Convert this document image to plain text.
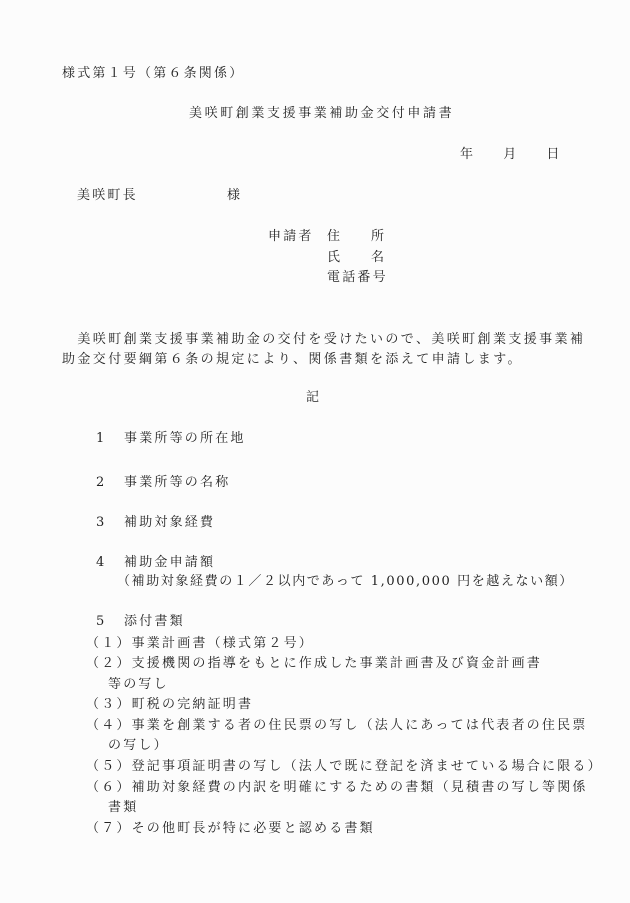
様式第１号（第６条関係）
美咲町創業支援事業補助金交付申請書
年 月 日
美咲町長	様
申請者 住 所
氏 名
電話番号

　美咲町創業支援事業補助金の交付を受けたいので、美咲町創業支援事業補

助金交付要綱第６条の規定により、関係書類を添えて申請します。

記
1 事業所等の所在地
2 事業所等の名称
3 補助対象経費
4 補助金申請額
（補助対象経費の１／２以内であって 1,000,000 円を越えない額）
5 添付書類
（１）事業計画書（様式第２号）
（２）支援機関の指導をもとに作成した事業計画書及び資金計画書
等の写し
（３）町税の完納証明書
（４）事業を創業する者の住民票の写し（法人にあっては代表者の住民票
の写し）
（５）登記事項証明書の写し（法人で既に登記を済ませている場合に限る）
（６）補助対象経費の内訳を明確にするための書類（見積書の写し等関係
書類
（７）その他町長が特に必要と認める書類
